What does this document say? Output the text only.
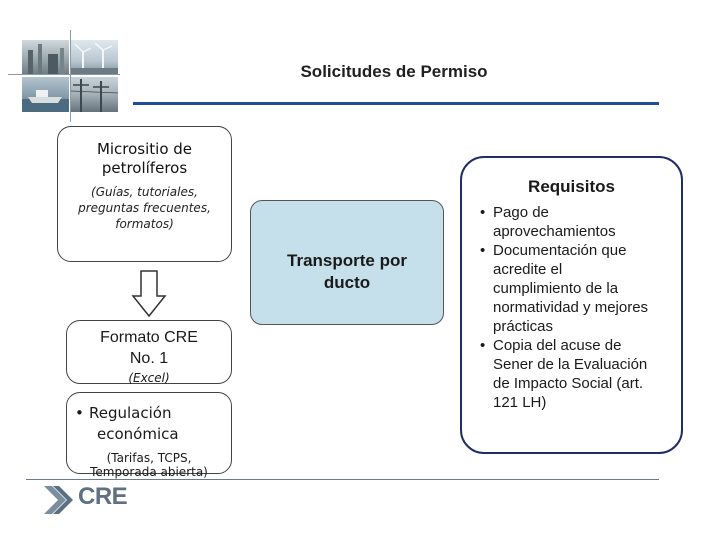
Solicitudes de Permiso
Micrositio de
petrolíferos
(Guías, tutoriales,
preguntas frecuentes,
formatos)
Formato CRE
No. 1
(Excel)
• Regulación
económica
(Tarifas, TCPS,
Temporada abierta)
Transporte por
ducto
Requisitos
• Pago de
aprovechamientos
• Documentación que
acredite el
cumplimiento de la
normatividad y mejores
prácticas
• Copia del acuse de
Sener de la Evaluación
de Impacto Social (art.
121 LH)
CRE
